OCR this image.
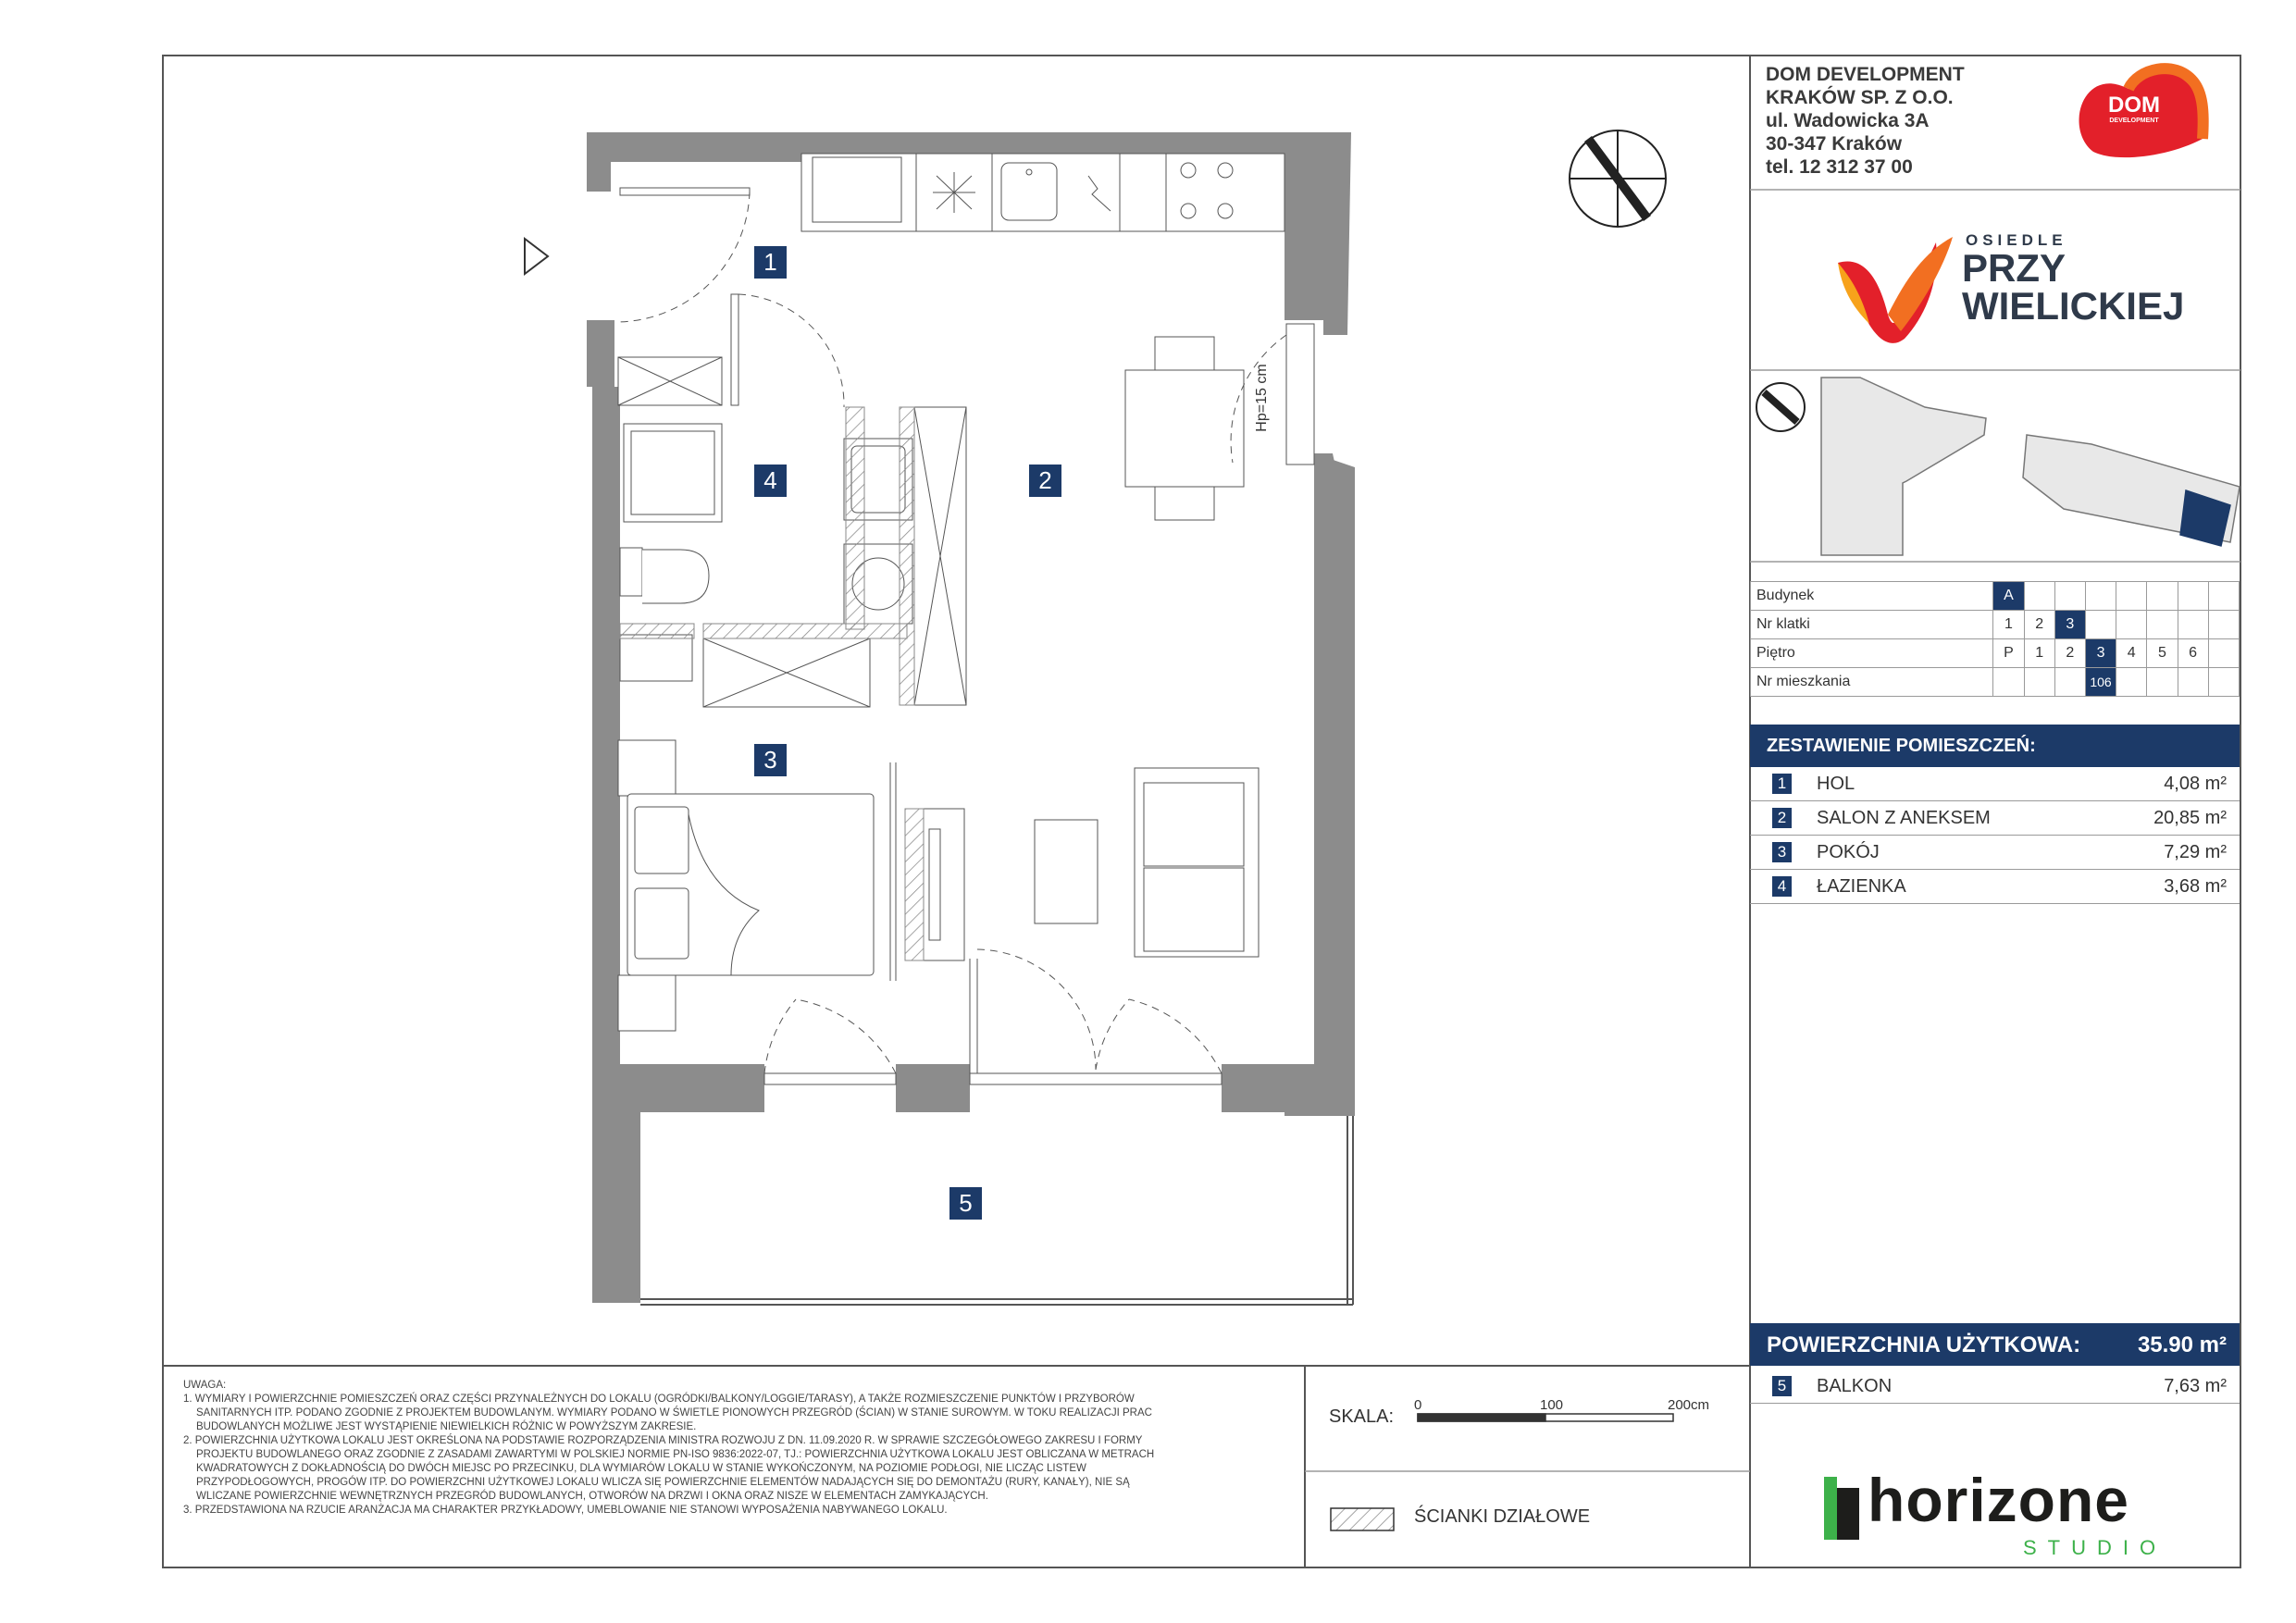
Hp=15 cm
DOM DEVELOPMENT
KRAKÓW SP. Z O.O.
ul. Wadowicka 3A
30-347 Kraków
tel. 12 312 37 00
DOM
DEVELOPMENT
OSIEDLE
PRZY
WIELICKIEJ
Budynek	A							
Nr klatki	1	2	3					
Piętro	P	1	2	3	4	5	6	
Nr mieszkania				106				
ZESTAWIENIE POMIESZCZEŃ:
1 HOL	4,08 m²
2 SALON Z ANEKSEM	20,85 m²
3 POKÓJ	7,29 m²
4 ŁAZIENKA	3,68 m²
POWIERZCHNIA UŻYTKOWA:	35.90 m²
5 BALKON	7,63 m²
1
2
3
4
5
UWAGA:
1. WYMIARY I POWIERZCHNIE POMIESZCZEŃ ORAZ CZĘŚCI PRZYNALEŻNYCH DO LOKALU (OGRÓDKI/BALKONY/LOGGIE/TARASY), A TAKŻE ROZMIESZCZENIE PUNKTÓW I PRZYBORÓW
SANITARNYCH ITP. PODANO ZGODNIE Z PROJEKTEM BUDOWLANYM. WYMIARY PODANO W ŚWIETLE PIONOWYCH PRZEGRÓD (ŚCIAN) W STANIE SUROWYM. W TOKU REALIZACJI PRAC
BUDOWLANYCH MOŻLIWE JEST WYSTĄPIENIE NIEWIELKICH RÓŻNIC W POWYŻSZYM ZAKRESIE.
2. POWIERZCHNIA UŻYTKOWA LOKALU JEST OKREŚLONA NA PODSTAWIE ROZPORZĄDZENIA MINISTRA ROZWOJU Z DN. 11.09.2020 R. W SPRAWIE SZCZEGÓŁOWEGO ZAKRESU I FORMY
PROJEKTU BUDOWLANEGO ORAZ ZGODNIE Z ZASADAMI ZAWARTYMI W POLSKIEJ NORMIE PN-ISO 9836:2022-07, TJ.: POWIERZCHNIA UŻYTKOWA LOKALU JEST OBLICZANA W METRACH
KWADRATOWYCH Z DOKŁADNOŚCIĄ DO DWÓCH MIEJSC PO PRZECINKU, DLA WYMIARÓW LOKALU W STANIE WYKOŃCZONYM, NA POZIOMIE PODŁOGI, NIE LICZĄC LISTEW
PRZYPODŁOGOWYCH, PROGÓW ITP. DO POWIERZCHNI UŻYTKOWEJ LOKALU WLICZA SIĘ POWIERZCHNIE ELEMENTÓW NADAJĄCYCH SIĘ DO DEMONTAŻU (RURY, KANAŁY), NIE SĄ
WLICZANE POWIERZCHNIE WEWNĘTRZNYCH PRZEGRÓD BUDOWLANYCH, OTWORÓW NA DRZWI I OKNA ORAZ NISZE W ELEMENTACH ZAMYKAJĄCYCH.
3. PRZEDSTAWIONA NA RZUCIE ARANŻACJA MA CHARAKTER PRZYKŁADOWY, UMEBLOWANIE NIE STANOWI WYPOSAŻENIA NABYWANEGO LOKALU.
SKALA:
0	100	200cm
ŚCIANKI DZIAŁOWE	horizone
STUDIO
